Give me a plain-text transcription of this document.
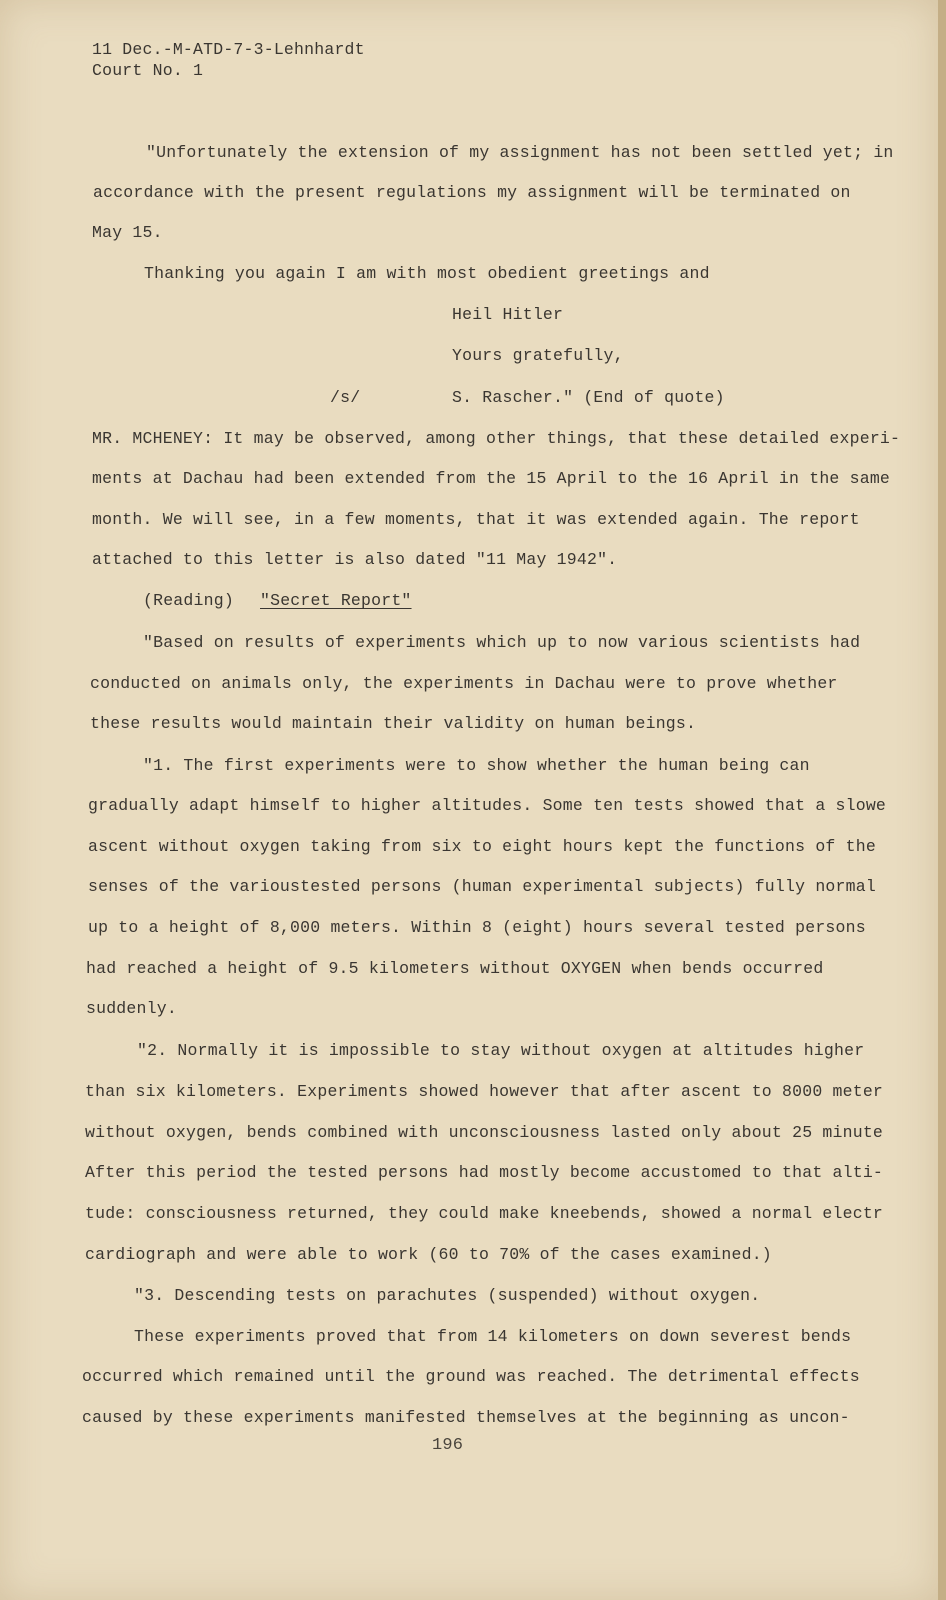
11 Dec.-M-ATD-7-3-Lehnhardt
Court No. 1
"Unfortunately the extension of my assignment has not been settled yet; in
accordance with the present regulations my assignment will be terminated on
May 15.
Thanking you again I am with most obedient greetings and
Heil Hitler
Yours gratefully,
/s/	S. Rascher." (End of quote)
MR. MCHENEY: It may be observed, among other things, that these detailed experi-
ments at Dachau had been extended from the 15 April to the 16 April in the same
month. We will see, in a few moments, that it was extended again. The report
attached to this letter is also dated "11 May 1942".
(Reading) "Secret Report"
"Based on results of experiments which up to now various scientists had
conducted on animals only, the experiments in Dachau were to prove whether
these results would maintain their validity on human beings.
"1. The first experiments were to show whether the human being can
gradually adapt himself to higher altitudes. Some ten tests showed that a slowe
ascent without oxygen taking from six to eight hours kept the functions of the
senses of the varioustested persons (human experimental subjects) fully normal
up to a height of 8,000 meters. Within 8 (eight) hours several tested persons
had reached a height of 9.5 kilometers without OXYGEN when bends occurred
suddenly.
"2. Normally it is impossible to stay without oxygen at altitudes higher
than six kilometers. Experiments showed however that after ascent to 8000 meter
without oxygen, bends combined with unconsciousness lasted only about 25 minute
After this period the tested persons had mostly become accustomed to that alti-
tude: consciousness returned, they could make kneebends, showed a normal electr
cardiograph and were able to work (60 to 70% of the cases examined.)
"3. Descending tests on parachutes (suspended) without oxygen.
These experiments proved that from 14 kilometers on down severest bends
occurred which remained until the ground was reached. The detrimental effects
caused by these experiments manifested themselves at the beginning as uncon-
196
